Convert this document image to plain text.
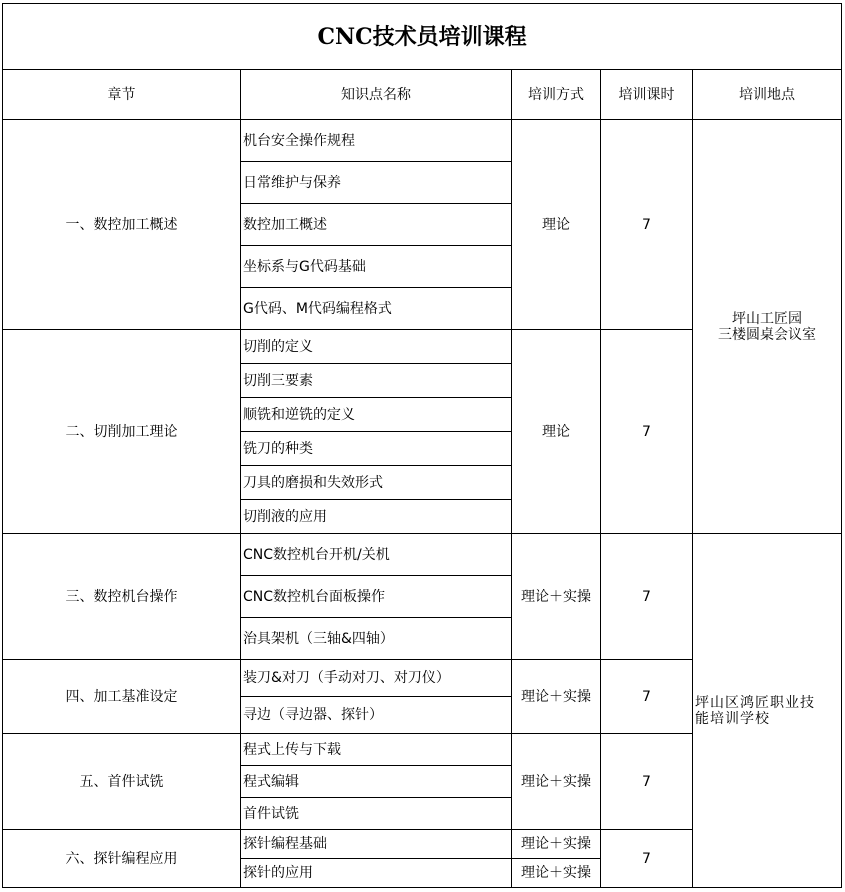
CNC技术员培训课程				
章节	知识点名称	培训方式	培训课时	培训地点
一、数控加工概述	机台安全操作规程	理论	7	坪山工匠园
三楼圆桌会议室

	日常维护与保养			
	数控加工概述			
	坐标系与G代码基础			
	G代码、M代码编程格式			
二、切削加工理论	切削的定义	理论	7	
	切削三要素			
	顺铣和逆铣的定义			
	铣刀的种类			
	刀具的磨损和失效形式			
	切削液的应用			
三、数控机台操作	CNC数控机台开机/关机	理论＋实操	7	坪山区鸿匠职业技
能培训学校

	CNC数控机台面板操作			
	治具架机（三轴&四轴）			
四、加工基准设定	装刀&对刀（手动对刀、对刀仪）	理论＋实操	7	
	寻边（寻边器、探针）			
五、首件试铣	程式上传与下载	理论＋实操	7	
	程式编辑			
	首件试铣			
六、探针编程应用	探针编程基础	理论＋实操	7	
	探针的应用	理论＋实操		
